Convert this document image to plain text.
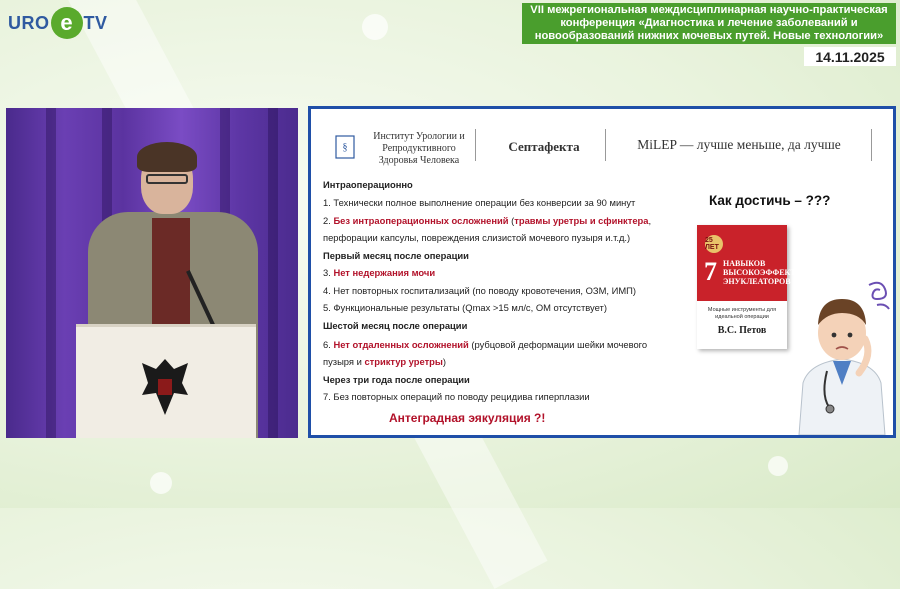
URO e TV
VII межрегиональная междисциплинарная научно-практическая конференция «Диагностика и лечение заболеваний и новообразований нижних мочевых путей. Новые технологии»
14.11.2025
§
Институт Урологии и Репродуктивного Здоровья Человека
Септафекта	MiLEP — лучше меньше, да лучше
Интраоперационно
1. Технически полное выполнение операции без конверсии за 90 минут
2. Без интраоперационных осложнений (травмы уретры и сфинктера,
перфорации капсулы, повреждения слизистой мочевого пузыря и.т.д.)
Первый месяц после операции
3. Нет недержания мочи
4. Нет повторных госпитализаций (по поводу кровотечения, ОЗМ, ИМП)
5. Функциональные результаты (Qmax >15 мл/с, ОМ отсутствует)
Шестой месяц после операции
6. Нет отдаленных осложнений (рубцовой деформации шейки мочевого
пузыря и стриктур уретры)
Через три года после операции
7. Без повторных операций по поводу рецидива гиперплазии
Как достичь – ???
25 ЛЕТ
7 НАВЫКОВ ВЫСОКОЭФФЕКТИВНЫХ ЭНУКЛЕАТОРОВ
Мощные инструменты для идеальной операции
В.С. Петов
Антеградная эякуляция ?!
